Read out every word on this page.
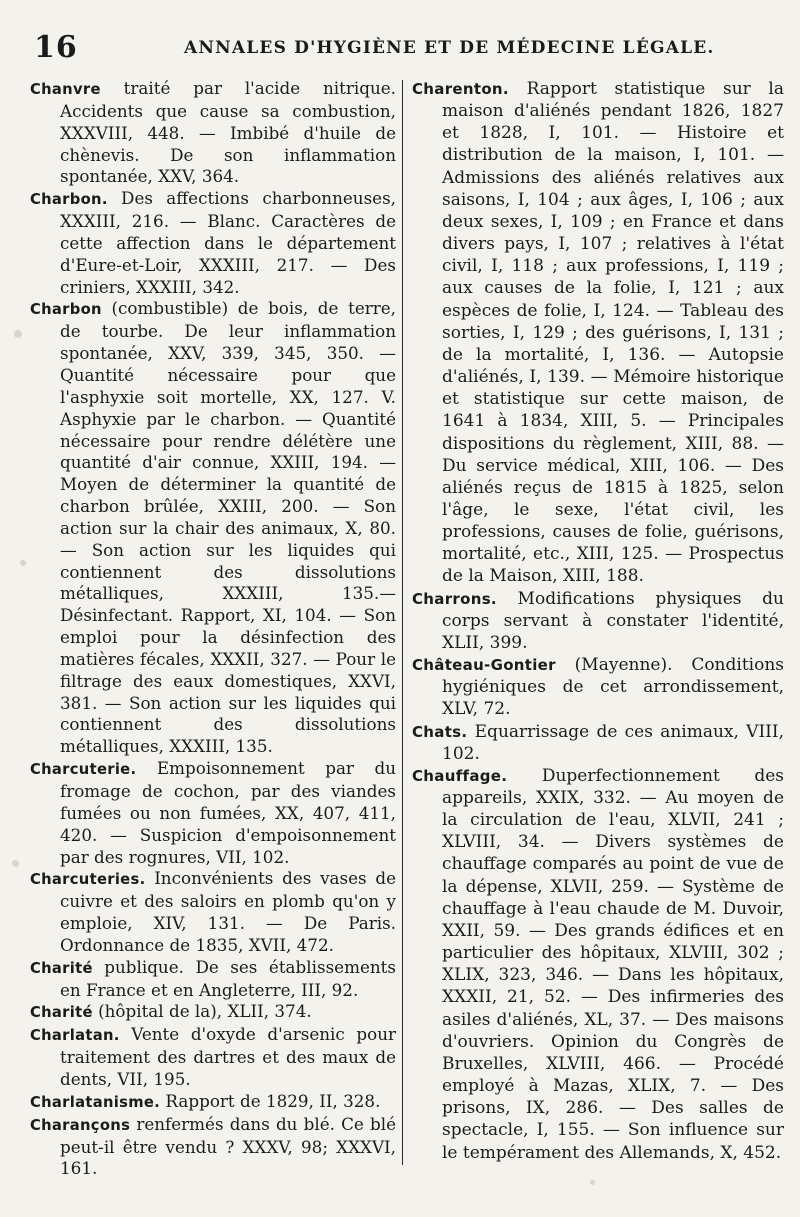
16	ANNALES D'HYGIÈNE ET DE MÉDECINE LÉGALE.

Chanvre traité par l'acide nitrique. Accidents que cause sa combustion, XXXVIII, 448. — Imbibé d'huile de chènevis. De son inflammation spontanée, XXV, 364.

Charbon. Des affections charbonneuses, XXXIII, 216. — Blanc. Caractères de cette affection dans le département d'Eure-et-Loir, XXXIII, 217. — Des criniers, XXXIII, 342.

Charbon (combustible) de bois, de terre, de tourbe. De leur inflammation spontanée, XXV, 339, 345, 350. — Quantité nécessaire pour que l'asphyxie soit mortelle, XX, 127. V. Asphyxie par le charbon. — Quantité nécessaire pour rendre délétère une quantité d'air connue, XXIII, 194. — Moyen de déterminer la quantité de charbon brûlée, XXIII, 200. — Son action sur la chair des animaux, X, 80. — Son action sur les liquides qui contiennent des dissolutions métalliques, XXXIII, 135.—Désinfectant. Rapport, XI, 104. — Son emploi pour la désinfection des matières fécales, XXXII, 327. — Pour le filtrage des eaux domestiques, XXVI, 381. — Son action sur les liquides qui contiennent des dissolutions métalliques, XXXIII, 135.

Charcuterie. Empoisonnement par du fromage de cochon, par des viandes fumées ou non fumées, XX, 407, 411, 420. — Suspicion d'empoisonnement par des rognures, VII, 102.

Charcuteries. Inconvénients des vases de cuivre et des saloirs en plomb qu'on y emploie, XIV, 131. — De Paris. Ordonnance de 1835, XVII, 472.

Charité publique. De ses établissements en France et en Angleterre, III, 92.

Charité (hôpital de la), XLII, 374.

Charlatan. Vente d'oxyde d'arsenic pour traitement des dartres et des maux de dents, VII, 195.

Charlatanisme. Rapport de 1829, II, 328.

Charançons renfermés dans du blé. Ce blé peut-il être vendu ? XXXV, 98; XXXVI, 161.

Charenton. Rapport statistique sur la maison d'aliénés pendant 1826, 1827 et 1828, I, 101. — Histoire et distribution de la maison, I, 101. — Admissions des aliénés relatives aux saisons, I, 104 ; aux âges, I, 106 ; aux deux sexes, I, 109 ; en France et dans divers pays, I, 107 ; relatives à l'état civil, I, 118 ; aux professions, I, 119 ; aux causes de la folie, I, 121 ; aux espèces de folie, I, 124. — Tableau des sorties, I, 129 ; des guérisons, I, 131 ; de la mortalité, I, 136. — Autopsie d'aliénés, I, 139. — Mémoire historique et statistique sur cette maison, de 1641 à 1834, XIII, 5. — Principales dispositions du règlement, XIII, 88. — Du service médical, XIII, 106. — Des aliénés reçus de 1815 à 1825, selon l'âge, le sexe, l'état civil, les professions, causes de folie, guérisons, mortalité, etc., XIII, 125. — Prospectus de la Maison, XIII, 188.

Charrons. Modifications physiques du corps servant à constater l'identité, XLII, 399.

Château-Gontier (Mayenne). Conditions hygiéniques de cet arrondissement, XLV, 72.

Chats. Equarrissage de ces animaux, VIII, 102.

Chauffage. Duperfectionnement des appareils, XXIX, 332. — Au moyen de la circulation de l'eau, XLVII, 241 ; XLVIII, 34. — Divers systèmes de chauffage comparés au point de vue de la dépense, XLVII, 259. — Système de chauffage à l'eau chaude de M. Duvoir, XXII, 59. — Des grands édifices et en particulier des hôpitaux, XLVIII, 302 ; XLIX, 323, 346. — Dans les hôpitaux, XXXII, 21, 52. — Des infirmeries des asiles d'aliénés, XL, 37. — Des maisons d'ouvriers. Opinion du Congrès de Bruxelles, XLVIII, 466. — Procédé employé à Mazas, XLIX, 7. — Des prisons, IX, 286. — Des salles de spectacle, I, 155. — Son influence sur le tempérament des Allemands, X, 452.
